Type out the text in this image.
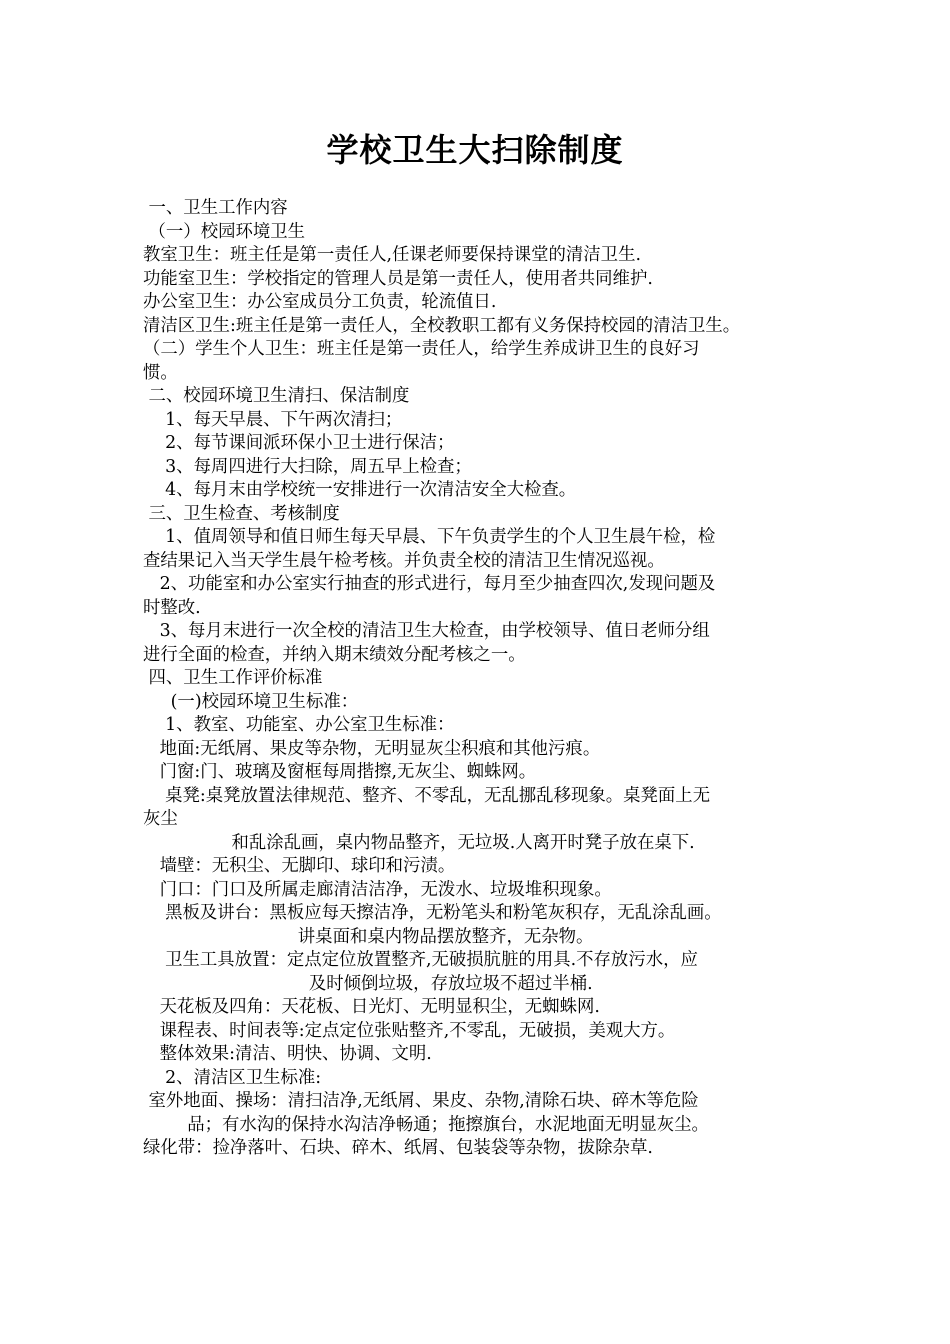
学校卫生大扫除制度
一、卫生工作内容
（一）校园环境卫生
教室卫生：班主任是第一责任人,任课老师要保持课堂的清洁卫生.
功能室卫生：学校指定的管理人员是第一责任人，使用者共同维护.
办公室卫生：办公室成员分工负责，轮流值日.
清洁区卫生:班主任是第一责任人，全校教职工都有义务保持校园的清洁卫生。
（二）学生个人卫生：班主任是第一责任人，给学生养成讲卫生的良好习
惯。
二、校园环境卫生清扫、保洁制度
1、每天早晨、下午两次清扫；
2、每节课间派环保小卫士进行保洁；
3、每周四进行大扫除，周五早上检查；
4、每月末由学校统一安排进行一次清洁安全大检查。
三、卫生检查、考核制度
1、值周领导和值日师生每天早晨、下午负责学生的个人卫生晨午检，检
查结果记入当天学生晨午检考核。并负责全校的清洁卫生情况巡视。
2、功能室和办公室实行抽查的形式进行，每月至少抽查四次,发现问题及
时整改.
3、每月末进行一次全校的清洁卫生大检查，由学校领导、值日老师分组
进行全面的检查，并纳入期末绩效分配考核之一。
四、卫生工作评价标准
(一)校园环境卫生标准：
1、教室、功能室、办公室卫生标准：
地面:无纸屑、果皮等杂物，无明显灰尘积痕和其他污痕。
门窗:门、玻璃及窗框每周揩擦,无灰尘、蜘蛛网。
桌凳:桌凳放置法律规范、整齐、不零乱，无乱挪乱移现象。桌凳面上无
灰尘
和乱涂乱画，桌内物品整齐，无垃圾.人离开时凳子放在桌下.
墙壁：无积尘、无脚印、球印和污渍。
门口：门口及所属走廊清洁洁净，无泼水、垃圾堆积现象。
黑板及讲台：黑板应每天擦洁净，无粉笔头和粉笔灰积存，无乱涂乱画。
讲桌面和桌内物品摆放整齐，无杂物。
卫生工具放置：定点定位放置整齐,无破损肮脏的用具.不存放污水，应
及时倾倒垃圾，存放垃圾不超过半桶.
天花板及四角：天花板、日光灯、无明显积尘，无蜘蛛网.
课程表、时间表等:定点定位张贴整齐,不零乱，无破损，美观大方。
整体效果:清洁、明快、协调、文明.
2、清洁区卫生标准:
室外地面、操场：清扫洁净,无纸屑、果皮、杂物,清除石块、碎木等危险
品；有水沟的保持水沟洁净畅通；拖擦旗台，水泥地面无明显灰尘。
绿化带：捡净落叶、石块、碎木、纸屑、包装袋等杂物，拔除杂草.
